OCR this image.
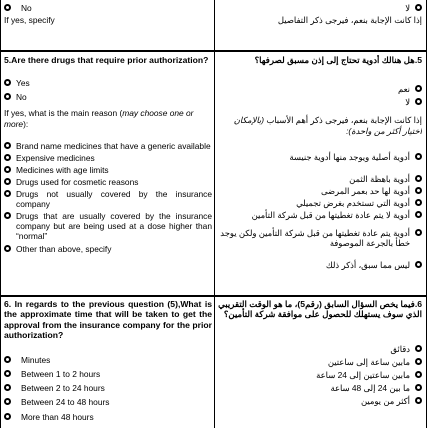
No
If yes, specify
لا
إذا كانت الإجابة بنعم، فيرجى ذكر التفاصيل
5.Are there drugs that require prior authorization?
Yes
No
If yes, what is the main reason (may choose one or more):
Brand name medicines that have a generic available
Expensive medicines
Medicines with age limits
Drugs used for cosmetic reasons
Drugs not usually covered by the insurance company
Drugs that are usually covered by the insurance company but are being used at a dose higher than “normal”
Other than above, specify
5.هل هنالك أدوية تحتاج إلى إذن مسبق لصرفها؟
نعم
لا
إذا كانت الإجابة بنعم، فيرجى ذكر أهم الأسباب (بالإمكان اختيار أكثر من واحدة):
أدوية أصلية ويوجد منها أدوية جنيسة
أدوية باهظة الثمن
أدوية لها حد بعمر المرضى
أدوية التي تستخدم بغرض تجميلي
أدوية لا يتم عادة تغطيتها من قبل شركة التأمين
أدوية يتم عادة تغطيتها من قبل شركة التأمين ولكن يوجد خطأ بالجرعة الموصوفة
ليس مما سبق، أذكر ذلك
6. In regards to the previous question (5),What is the approximate time that will be taken to get the approval from the insurance company for the prior authorization?
Minutes
Between 1 to 2 hours
Between 2 to 24 hours
Between 24 to 48 hours
More than 48 hours
6.فيما يخص السؤال السابق (رقم5)، ما هو الوقت التقريبي الذي سوف يستهلك للحصول على موافقة شركة التأمين؟
دقائق
مابين ساعة إلى ساعتين
مابين ساعتين إلى 24 ساعة
ما بين 24 إلى 48 ساعة
أكثر من يومين
